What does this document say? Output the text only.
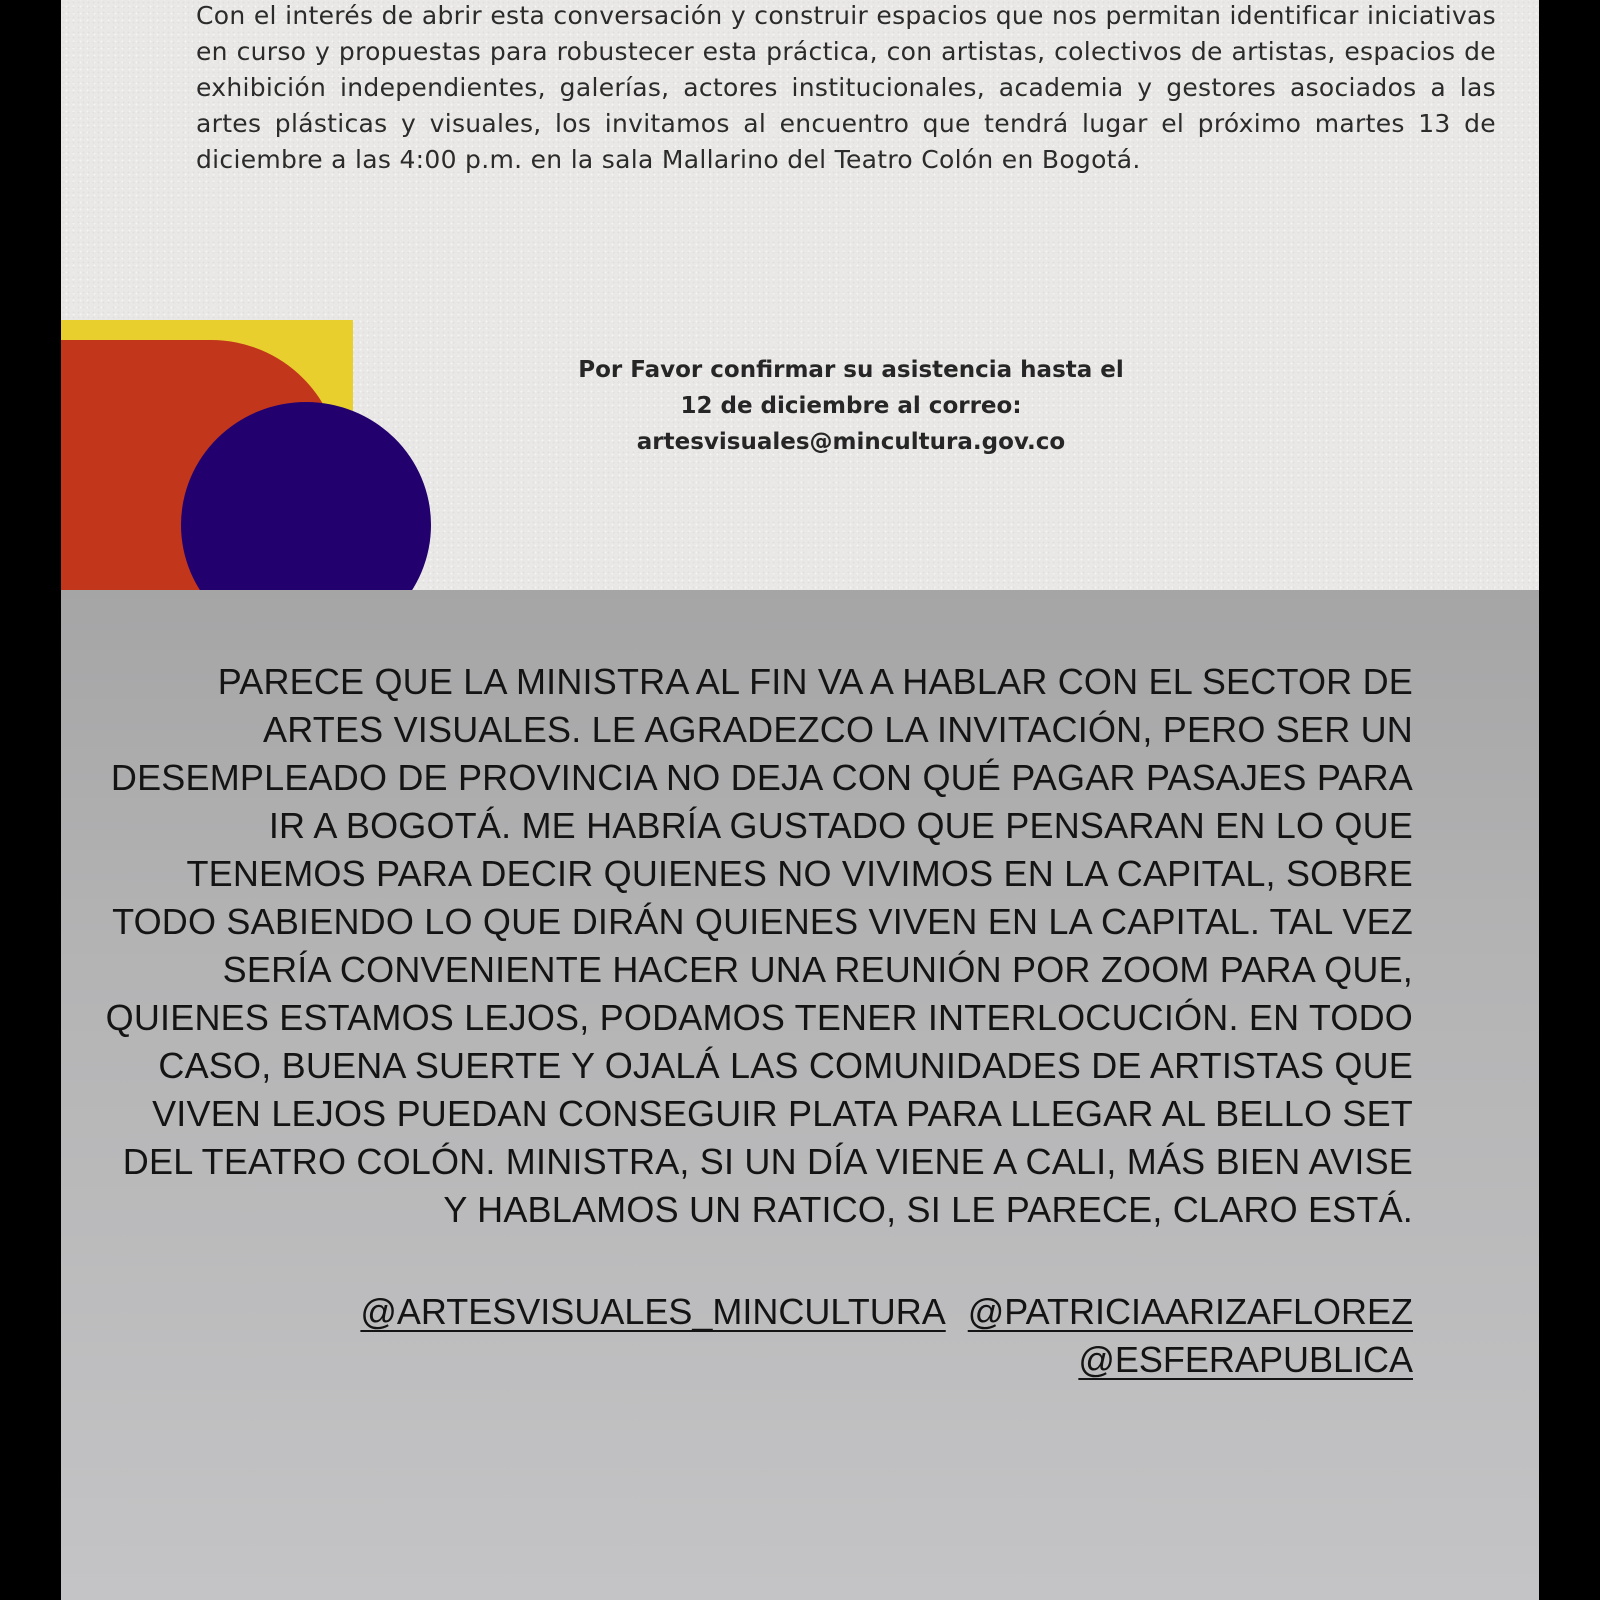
Con el interés de abrir esta conversación y construir espacios que nos permitan identificar iniciativas en curso y propuestas para robustecer esta práctica, con artistas, colectivos de artistas, espacios de exhibición independientes, galerías, actores institucionales, academia y gestores asociados a las artes plásticas y visuales, los invitamos al encuentro que tendrá lugar el próximo martes 13 de diciembre a las 4:00 p.m. en la sala Mallarino del Teatro Colón en Bogotá.

Por Favor confirmar su asistencia hasta el
12 de diciembre al correo:
artesvisuales@mincultura.gov.co

PARECE QUE LA MINISTRA AL FIN VA A HABLAR CON EL SECTOR DE ARTES VISUALES. LE AGRADEZCO LA INVITACIÓN, PERO SER UN DESEMPLEADO DE PROVINCIA NO DEJA CON QUÉ PAGAR PASAJES PARA IR A BOGOTÁ. ME HABRÍA GUSTADO QUE PENSARAN EN LO QUE TENEMOS PARA DECIR QUIENES NO VIVIMOS EN LA CAPITAL, SOBRE TODO SABIENDO LO QUE DIRÁN QUIENES VIVEN EN LA CAPITAL. TAL VEZ SERÍA CONVENIENTE HACER UNA REUNIÓN POR ZOOM PARA QUE, QUIENES ESTAMOS LEJOS, PODAMOS TENER INTERLOCUCIÓN. EN TODO CASO, BUENA SUERTE Y OJALÁ LAS COMUNIDADES DE ARTISTAS QUE VIVEN LEJOS PUEDAN CONSEGUIR PLATA PARA LLEGAR AL BELLO SET DEL TEATRO COLÓN. MINISTRA, SI UN DÍA VIENE A CALI, MÁS BIEN AVISE Y HABLAMOS UN RATICO, SI LE PARECE, CLARO ESTÁ.

@ARTESVISUALES_MINCULTURA @PATRICIAARIZAFLOREZ
@ESFERAPUBLICA
